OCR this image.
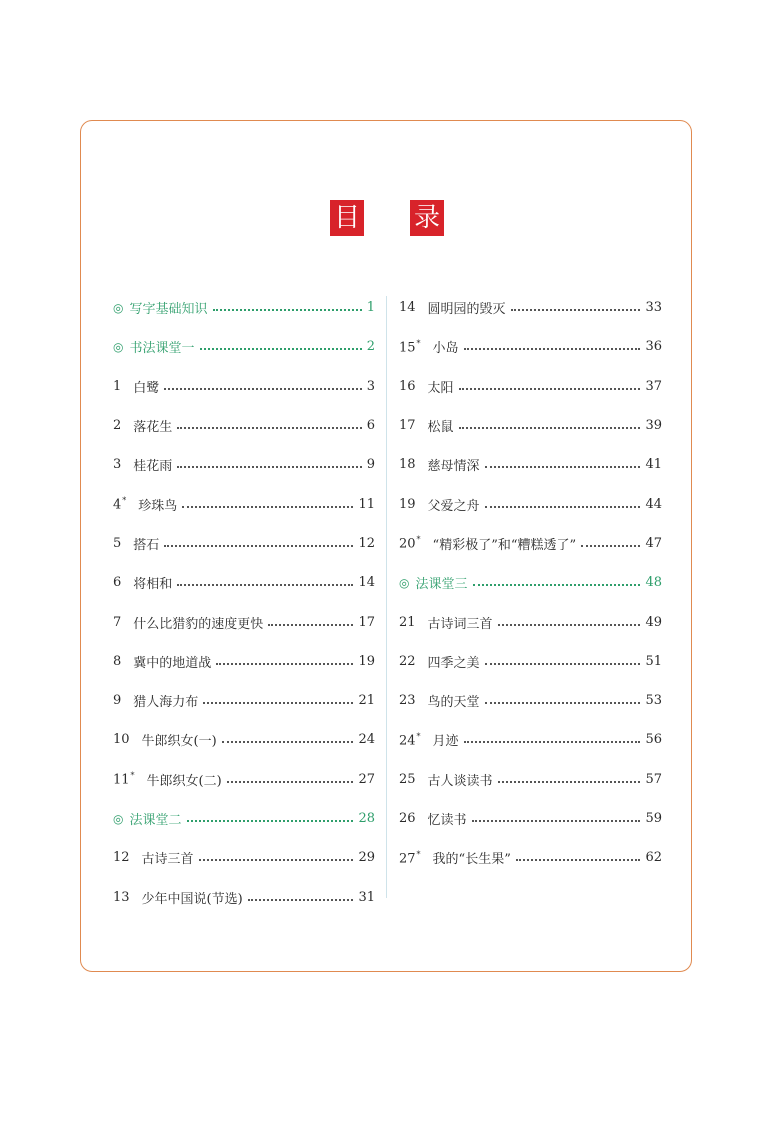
目 录
◎ 写字基础知识	1
◎ 书法课堂一	2
1 白鹭	3
2 落花生	6
3 桂花雨	9
4* 珍珠鸟	11
5 搭石	12
6 将相和	14
7 什么比猎豹的速度更快	17
8 冀中的地道战	19
9 猎人海力布	21
10 牛郎织女(一)	24
11* 牛郎织女(二)	27
◎ 法课堂二	28
12 古诗三首	29
13 少年中国说(节选)	31
14 圆明园的毁灭	33
15* 小岛	36
16 太阳	37
17 松鼠	39
18 慈母情深	41
19 父爱之舟	44
20* “精彩极了”和“糟糕透了”	47
◎ 法课堂三	48
21 古诗词三首	49
22 四季之美	51
23 鸟的天堂	53
24* 月迹	56
25 古人谈读书	57
26 忆读书	59
27* 我的“长生果”	62
